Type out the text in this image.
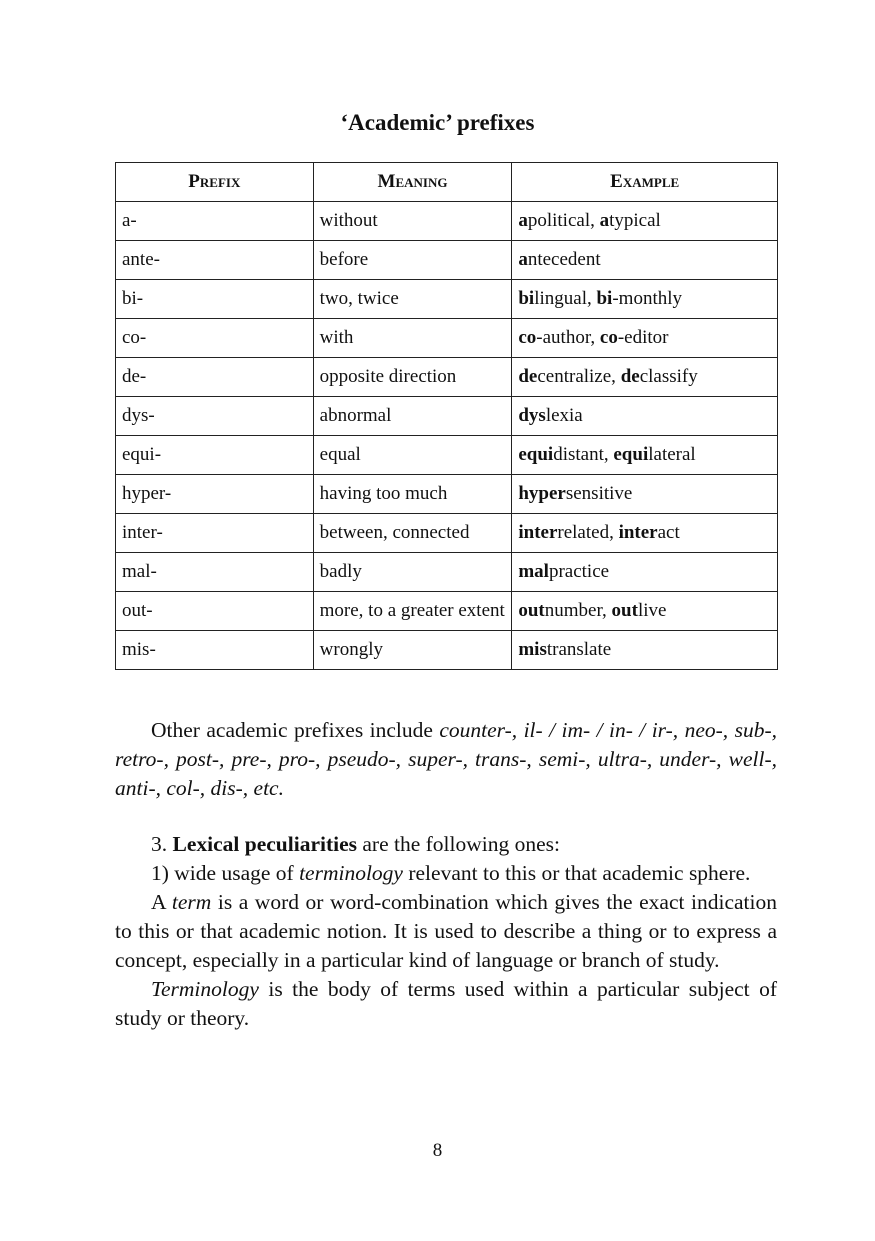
‘Academic’ prefixes
Prefix	Meaning	Example
a-	without	apolitical, atypical
ante-	before	antecedent
bi-	two, twice	bilingual, bi-monthly
co-	with	co-author, co-editor
de-	opposite direction	decentralize, declassify
dys-	abnormal	dyslexia
equi-	equal	equidistant, equilateral
hyper-	having too much	hypersensitive
inter-	between, connected	interrelated, interact
mal-	badly	malpractice
out-	more, to a greater extent	outnumber, outlive
mis-	wrongly	mistranslate

Other academic prefixes include counter-, il- / im- / in- / ir-, neo-, sub-, retro-, post-, pre-, pro-, pseudo-, super-, trans-, semi-, ultra-, under-, well-, anti-, col-, dis-, etc.

3. Lexical peculiarities are the following ones:

1) wide usage of terminology relevant to this or that academic sphere.

A term is a word or word-combination which gives the exact indication to this or that academic notion. It is used to describe a thing or to express a concept, especially in a particular kind of language or branch of study.

Terminology is the body of terms used within a particular subject of study or theory.

8
